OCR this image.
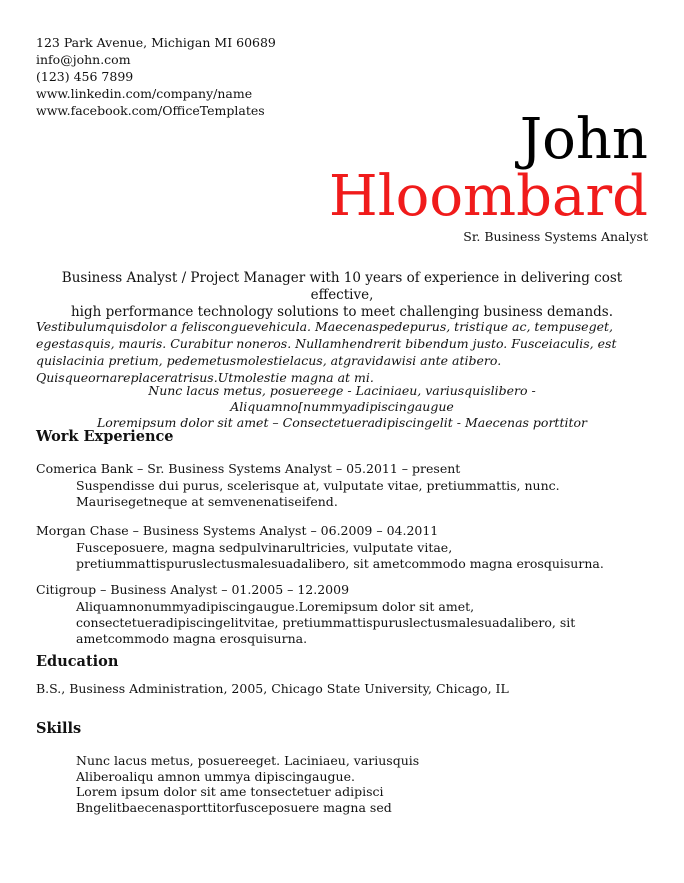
123 Park Avenue, Michigan MI 60689
info@john.com
(123) 456 7899
www.linkedin.com/company/name
www.facebook.com/OfficeTemplates	John
Hloombard
Sr. Business Systems Analyst
Business Analyst / Project Manager with 10 years of experience in delivering cost effective,
high performance technology solutions to meet challenging business demands.
Vestibulumquisdolor a felisconguevehicula. Maecenaspedepurus, tristique ac, tempuseget, egestasquis, mauris. Curabitur noneros. Nullamhendrerit bibendum justo. Fusceiaculis, est quislacinia pretium, pedemetusmolestielacus, atgravidawisi ante atibero. Quisqueornareplaceratrisus.Utmolestie magna at mi.
Nunc lacus metus, posuereege - Laciniaeu, variusquislibero - Aliquamno[nummyadipiscingaugue
Loremipsum dolor sit amet – Consectetueradipiscingelit - Maecenas porttitor
Work Experience
Comerica Bank – Sr. Business Systems Analyst – 05.2011 – present
Suspendisse dui purus, scelerisque at, vulputate vitae, pretiummattis, nunc. Maurisegetneque at semvenenatiseifend.
Morgan Chase – Business Systems Analyst – 06.2009 – 04.2011
Fusceposuere, magna sedpulvinarultricies, vulputate vitae, pretiummattispuruslectusmalesuadalibero, sit ametcommodo magna erosquisurna.
Citigroup – Business Analyst – 01.2005 – 12.2009
Aliquamnonummyadipiscingaugue.Loremipsum dolor sit amet, consectetueradipiscingelitvitae, pretiummattispuruslectusmalesuadalibero, sit ametcommodo magna erosquisurna.
Education
B.S., Business Administration, 2005, Chicago State University, Chicago, IL
Skills
Nunc lacus metus, posuereeget. Laciniaeu, variusquis
Aliberoaliqu amnon ummya dipiscingaugue.
Lorem ipsum dolor sit ame tonsectetuer adipisci
Bngelitbaecenasporttitorfusceposuere magna sed
